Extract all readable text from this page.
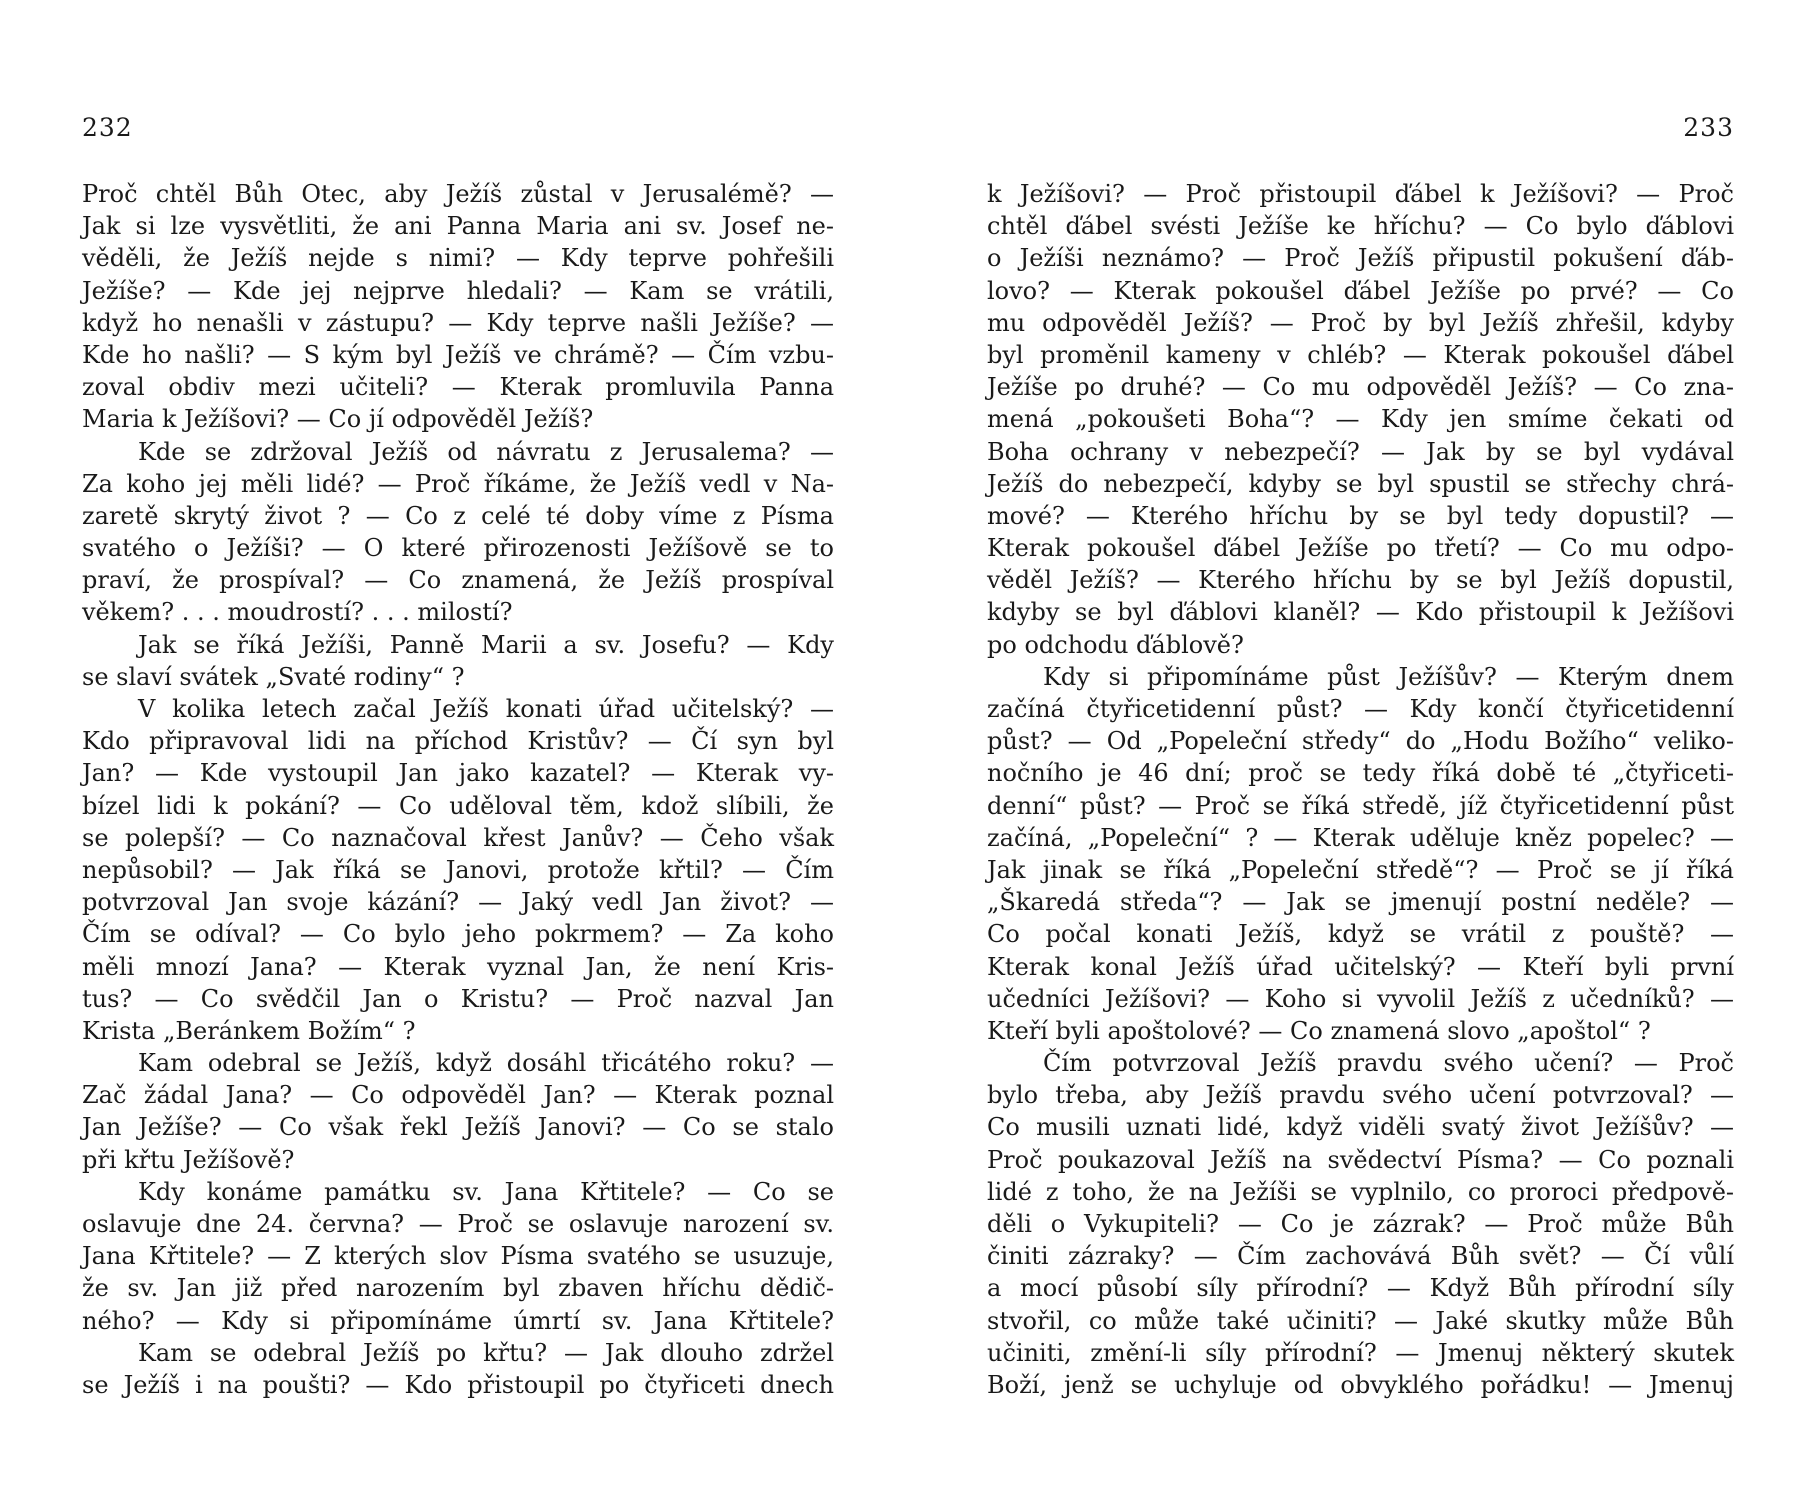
232
Proč chtěl Bůh Otec, aby Ježíš zůstal v Jerusalémě? —
Jak si lze vysvětliti, že ani Panna Maria ani sv. Josef ne-
věděli, že Ježíš nejde s nimi? — Kdy teprve pohřešili
Ježíše? — Kde jej nejprve hledali? — Kam se vrátili,
když ho nenašli v zástupu? — Kdy teprve našli Ježíše? —
Kde ho našli? — S kým byl Ježíš ve chrámě? — Čím vzbu-
zoval obdiv mezi učiteli? — Kterak promluvila Panna
Maria k Ježíšovi? — Co jí odpověděl Ježíš?
Kde se zdržoval Ježíš od návratu z Jerusalema? —
Za koho jej měli lidé? — Proč říkáme, že Ježíš vedl v Na-
zaretě skrytý život ? — Co z celé té doby víme z Písma
svatého o Ježíši? — O které přirozenosti Ježíšově se to
praví, že prospíval? — Co znamená, že Ježíš prospíval
věkem? . . . moudrostí? . . . milostí?
Jak se říká Ježíši, Panně Marii a sv. Josefu? — Kdy
se slaví svátek „Svaté rodiny“ ?
V kolika letech začal Ježíš konati úřad učitelský? —
Kdo připravoval lidi na příchod Kristův? — Čí syn byl
Jan? — Kde vystoupil Jan jako kazatel? — Kterak vy-
bízel lidi k pokání? — Co uděloval těm, kdož slíbili, že
se polepší? — Co naznačoval křest Janův? — Čeho však
nepůsobil? — Jak říká se Janovi, protože křtil? — Čím
potvrzoval Jan svoje kázání? — Jaký vedl Jan život? —
Čím se odíval? — Co bylo jeho pokrmem? — Za koho
měli mnozí Jana? — Kterak vyznal Jan, že není Kris-
tus? — Co svědčil Jan o Kristu? — Proč nazval Jan
Krista „Beránkem Božím“ ?
Kam odebral se Ježíš, když dosáhl třicátého roku? —
Zač žádal Jana? — Co odpověděl Jan? — Kterak poznal
Jan Ježíše? — Co však řekl Ježíš Janovi? — Co se stalo
při křtu Ježíšově?
Kdy konáme památku sv. Jana Křtitele? — Co se
oslavuje dne 24. června? — Proč se oslavuje narození sv.
Jana Křtitele? — Z kterých slov Písma svatého se usuzuje,
že sv. Jan již před narozením byl zbaven hříchu dědič-
ného? — Kdy si připomínáme úmrtí sv. Jana Křtitele?
Kam se odebral Ježíš po křtu? — Jak dlouho zdržel
se Ježíš i na poušti? — Kdo přistoupil po čtyřiceti dnech
233
k Ježíšovi? — Proč přistoupil ďábel k Ježíšovi? — Proč
chtěl ďábel svésti Ježíše ke hříchu? — Co bylo ďáblovi
o Ježíši neznámo? — Proč Ježíš připustil pokušení ďáb-
lovo? — Kterak pokoušel ďábel Ježíše po prvé? — Co
mu odpověděl Ježíš? — Proč by byl Ježíš zhřešil, kdyby
byl proměnil kameny v chléb? — Kterak pokoušel ďábel
Ježíše po druhé? — Co mu odpověděl Ježíš? — Co zna-
mená „pokoušeti Boha“? — Kdy jen smíme čekati od
Boha ochrany v nebezpečí? — Jak by se byl vydával
Ježíš do nebezpečí, kdyby se byl spustil se střechy chrá-
mové? — Kterého hříchu by se byl tedy dopustil? —
Kterak pokoušel ďábel Ježíše po třetí? — Co mu odpo-
věděl Ježíš? — Kterého hříchu by se byl Ježíš dopustil,
kdyby se byl ďáblovi klaněl? — Kdo přistoupil k Ježíšovi
po odchodu ďáblově?
Kdy si připomínáme půst Ježíšův? — Kterým dnem
začíná čtyřicetidenní půst? — Kdy končí čtyřicetidenní
půst? — Od „Popeleční středy“ do „Hodu Božího“ veliko-
nočního je 46 dní; proč se tedy říká době té „čtyřiceti-
denní“ půst? — Proč se říká středě, jíž čtyřicetidenní půst
začíná, „Popeleční“ ? — Kterak uděluje kněz popelec? —
Jak jinak se říká „Popeleční středě“? — Proč se jí říká
„Škaredá středa“? — Jak se jmenují postní neděle? —
Co počal konati Ježíš, když se vrátil z pouště? —
Kterak konal Ježíš úřad učitelský? — Kteří byli první
učedníci Ježíšovi? — Koho si vyvolil Ježíš z učedníků? —
Kteří byli apoštolové? — Co znamená slovo „apoštol“ ?
Čím potvrzoval Ježíš pravdu svého učení? — Proč
bylo třeba, aby Ježíš pravdu svého učení potvrzoval? —
Co musili uznati lidé, když viděli svatý život Ježíšův? —
Proč poukazoval Ježíš na svědectví Písma? — Co poznali
lidé z toho, že na Ježíši se vyplnilo, co proroci předpově-
děli o Vykupiteli? — Co je zázrak? — Proč může Bůh
činiti zázraky? — Čím zachovává Bůh svět? — Čí vůlí
a mocí působí síly přírodní? — Když Bůh přírodní síly
stvořil, co může také učiniti? — Jaké skutky může Bůh
učiniti, změní-li síly přírodní? — Jmenuj některý skutek
Boží, jenž se uchyluje od obvyklého pořádku! — Jmenuj
